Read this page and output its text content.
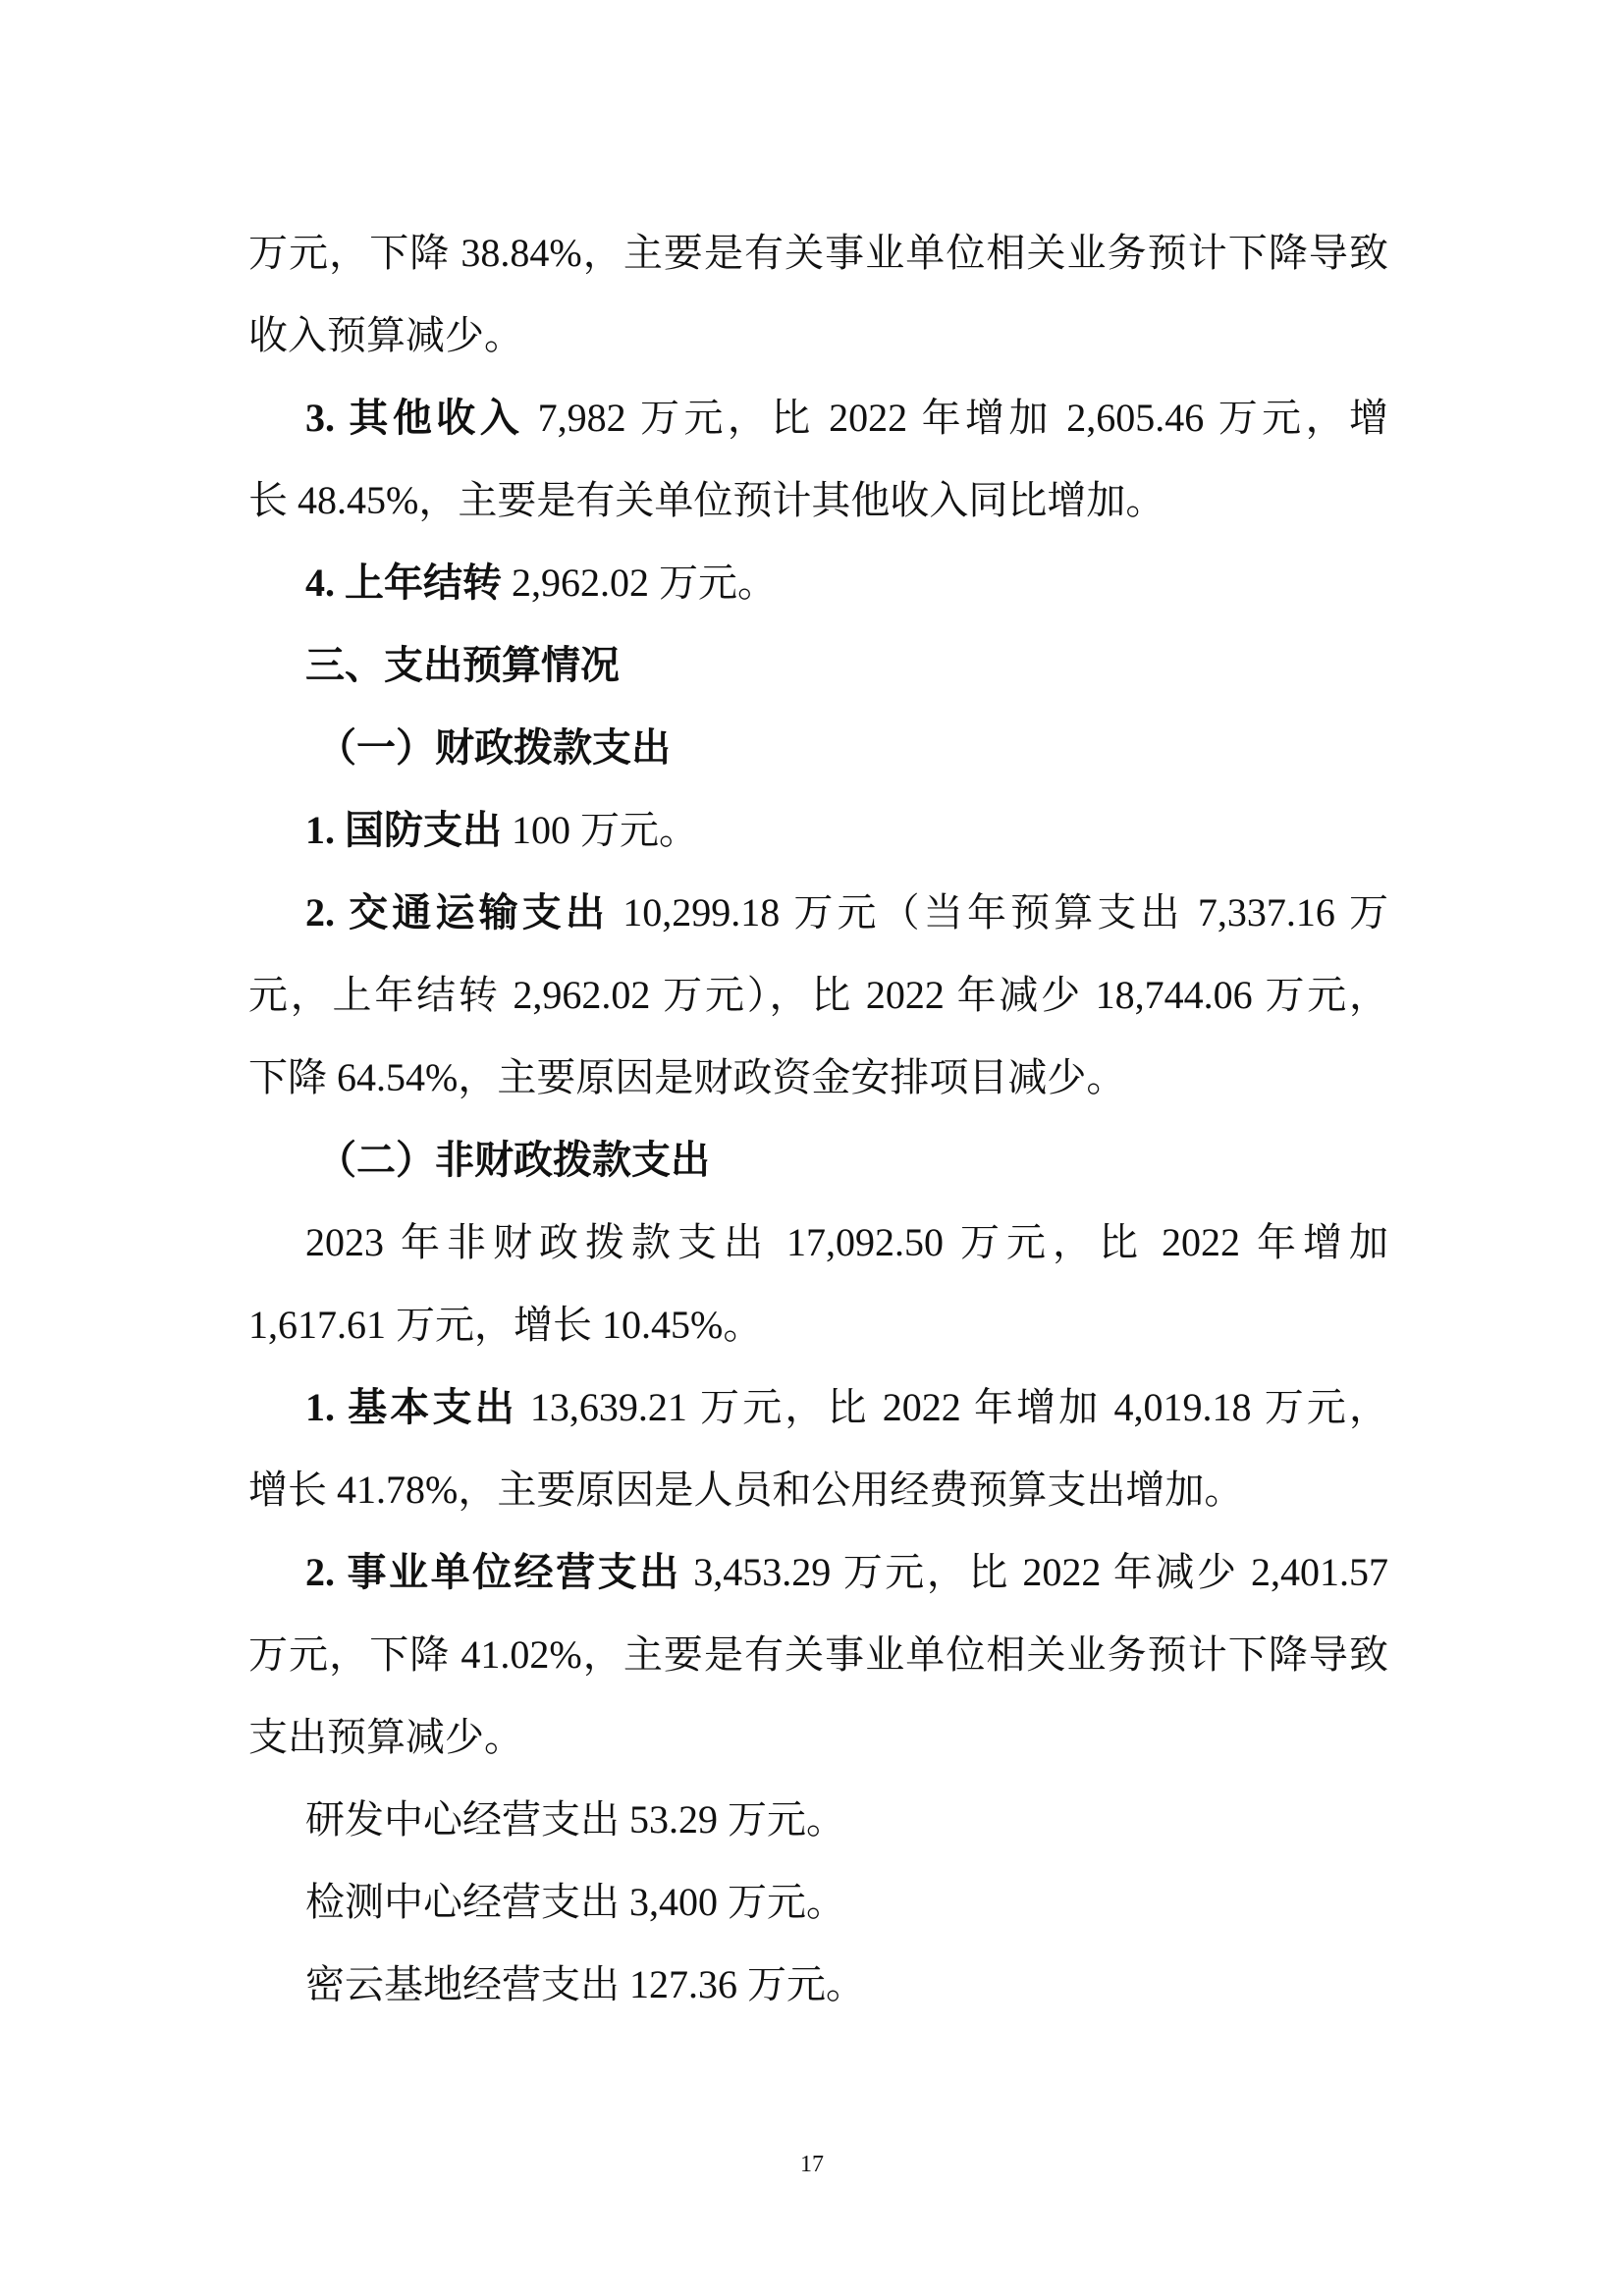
万元，下降 38.84%，主要是有关事业单位相关业务预计下降导致
收入预算减少。
3. 其他收入 7,982 万元，比 2022 年增加 2,605.46 万元，增
长 48.45%，主要是有关单位预计其他收入同比增加。
4. 上年结转 2,962.02 万元。
三、支出预算情况
（一）财政拨款支出
1. 国防支出 100 万元。
2. 交通运输支出 10,299.18 万元（当年预算支出 7,337.16 万
元，上年结转 2,962.02 万元），比 2022 年减少 18,744.06 万元，
下降 64.54%，主要原因是财政资金安排项目减少。
（二）非财政拨款支出
2023 年非财政拨款支出 17,092.50 万元，比 2022 年增加
1,617.61 万元，增长 10.45%。
1. 基本支出 13,639.21 万元，比 2022 年增加 4,019.18 万元，
增长 41.78%，主要原因是人员和公用经费预算支出增加。
2. 事业单位经营支出 3,453.29 万元，比 2022 年减少 2,401.57
万元，下降 41.02%，主要是有关事业单位相关业务预计下降导致
支出预算减少。
研发中心经营支出 53.29 万元。
检测中心经营支出 3,400 万元。
密云基地经营支出 127.36 万元。
17
